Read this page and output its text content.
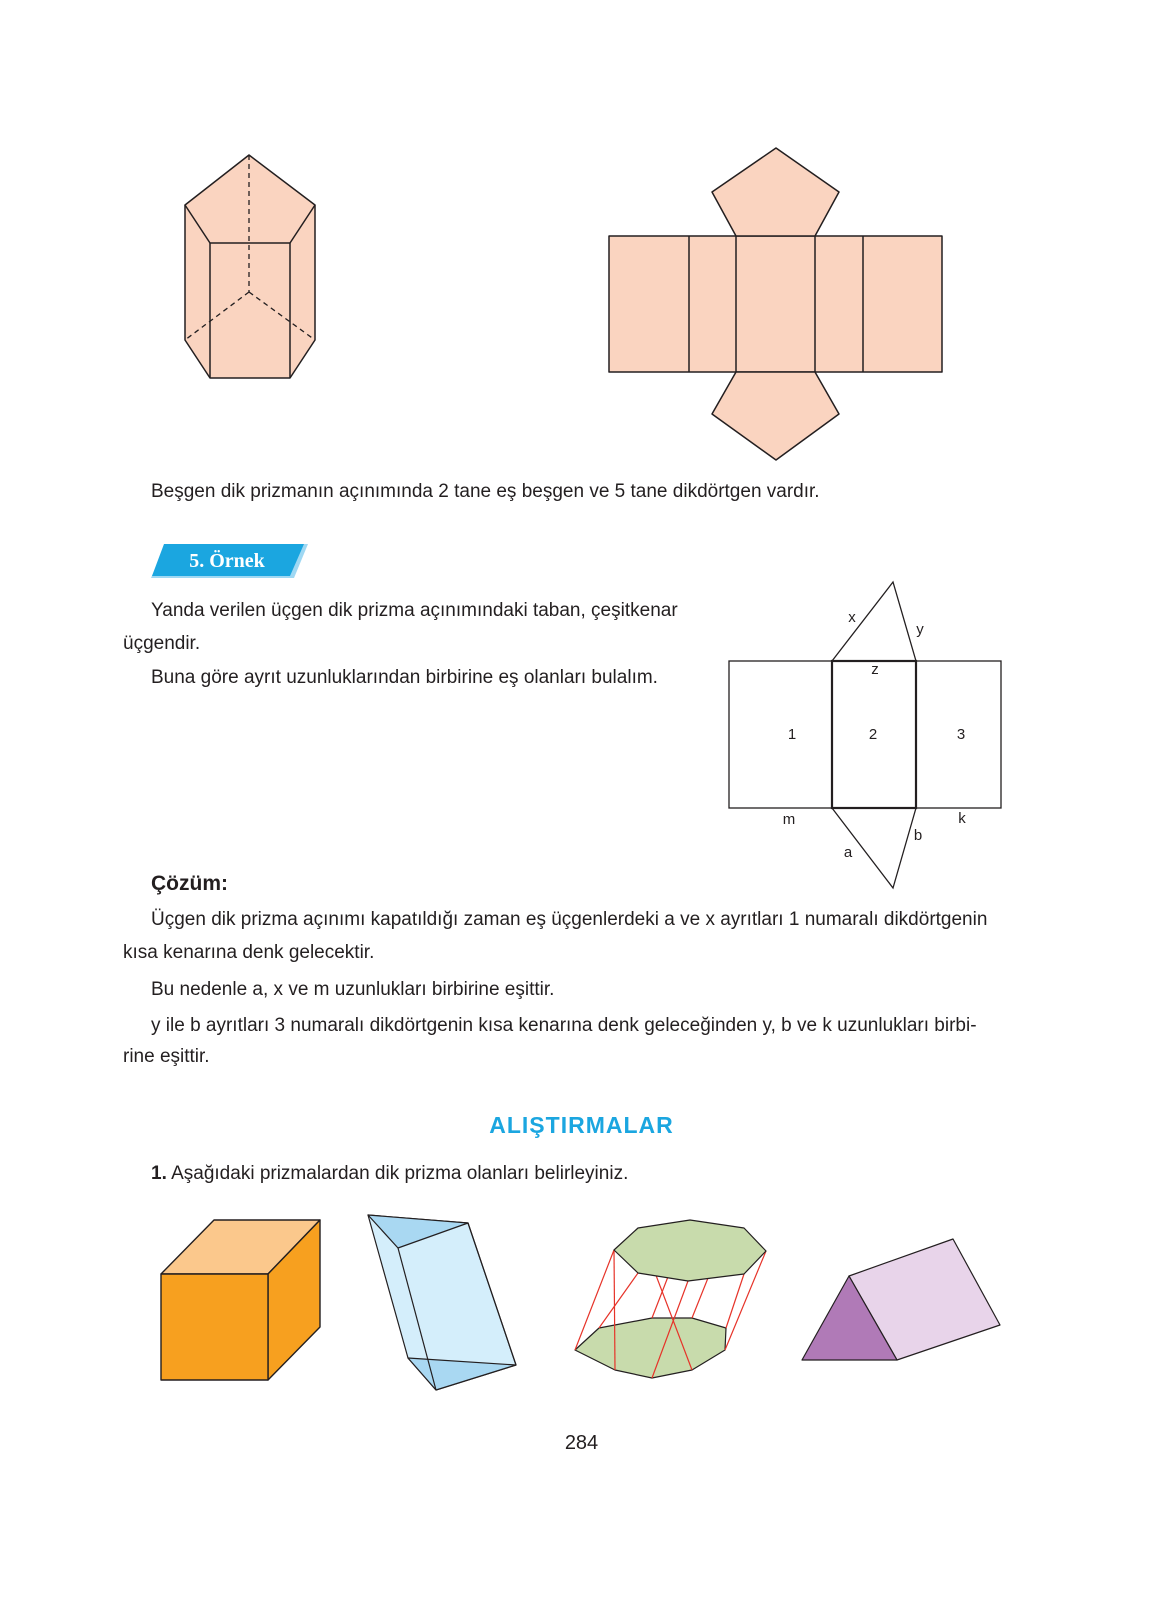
Beşgen dik prizmanın açınımında 2 tane eş beşgen ve 5 tane dikdörtgen vardır.
5. Örnek
Yanda verilen üçgen dik prizma açınımındaki taban, çeşitkenar
üçgendir.
Buna göre ayrıt uzunluklarından birbirine eş olanları bulalım.
x
y
z
1	2	3
m	k
b
a
Çözüm:
Üçgen dik prizma açınımı kapatıldığı zaman eş üçgenlerdeki a ve x ayrıtları 1 numaralı dikdörtgenin
kısa kenarına denk gelecektir.
Bu nedenle a, x ve m uzunlukları birbirine eşittir.
y ile b ayrıtları 3 numaralı dikdörtgenin kısa kenarına denk geleceğinden y, b ve k uzunlukları birbi-
rine eşittir.
ALIŞTIRMALAR
1. Aşağıdaki prizmalardan dik prizma olanları belirleyiniz.
284
